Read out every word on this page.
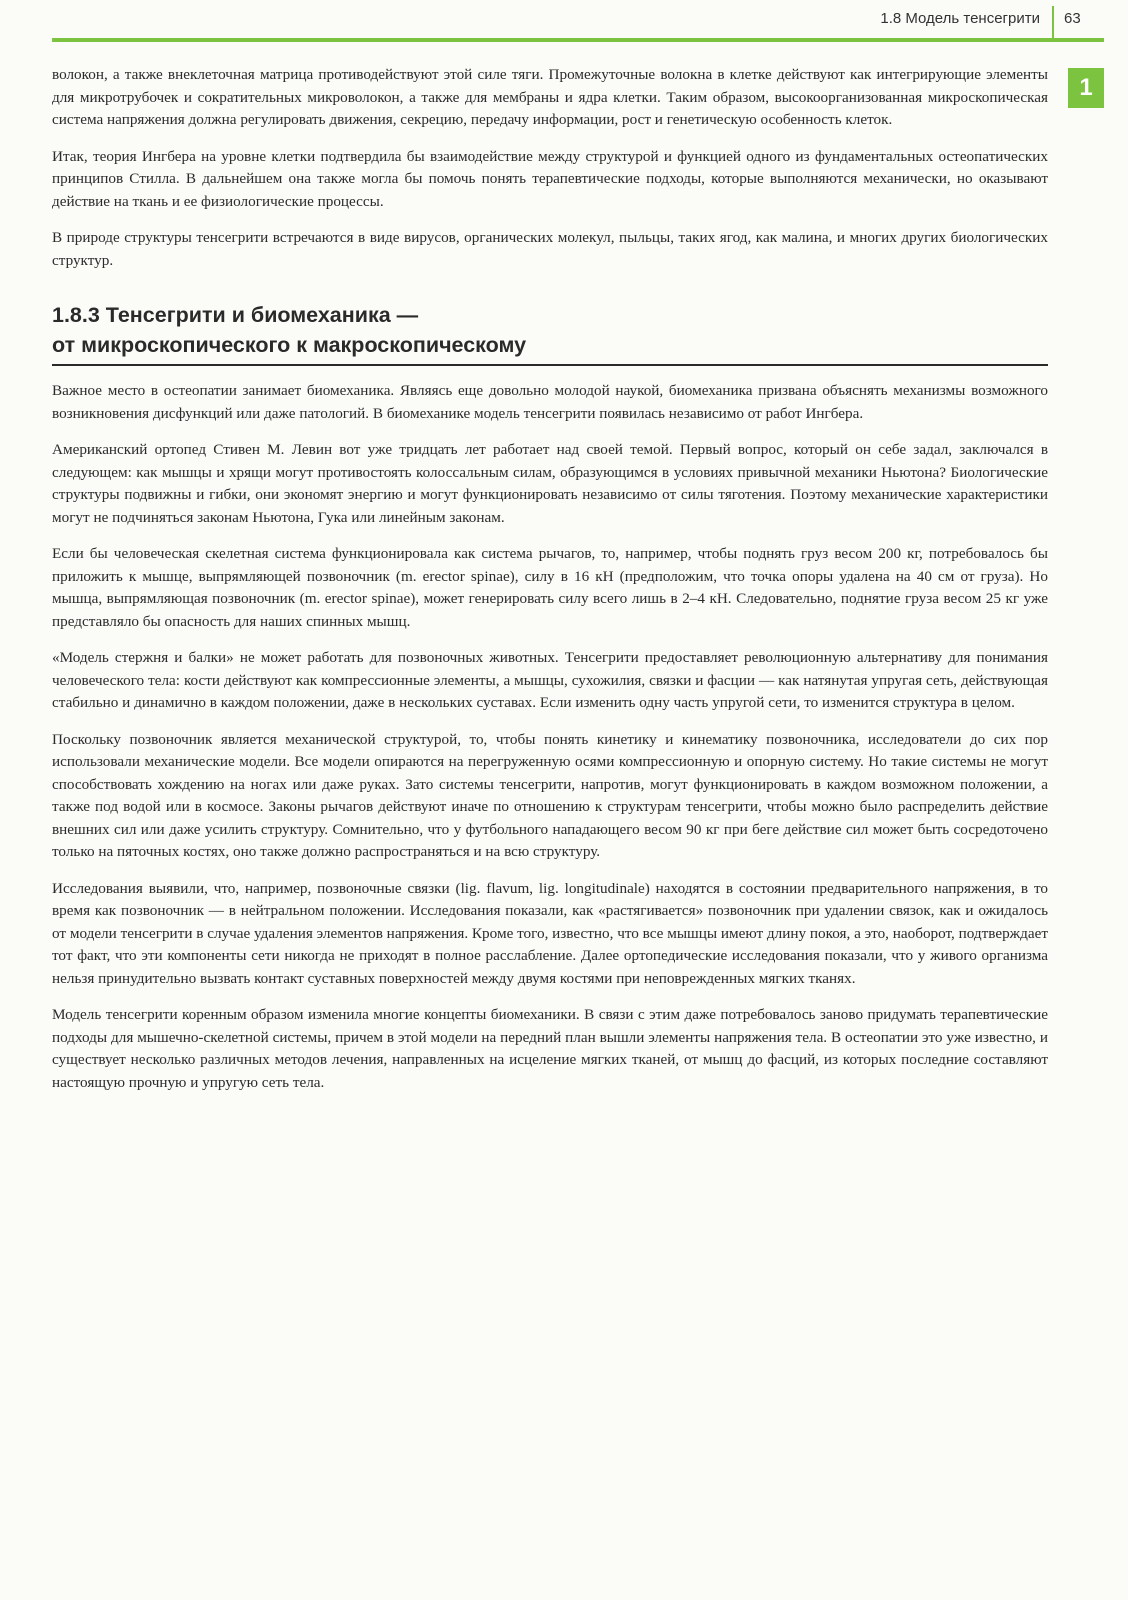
1.8 Модель тенсегрити 63
1

волокон, а также внеклеточная матрица противодействуют этой силе тяги. Промежуточные волокна в клетке действуют как интегрирующие элементы для микротрубочек и сократительных микроволокон, а также для мембраны и ядра клетки. Таким образом, высокоорганизованная микроскопическая система напряжения должна регулировать движения, секрецию, передачу информации, рост и генетическую особенность клеток.

Итак, теория Ингбера на уровне клетки подтвердила бы взаимодействие между структурой и функцией одного из фундаментальных остеопатических принципов Стилла. В дальнейшем она также могла бы помочь понять терапевтические подходы, которые выполняются механически, но оказывают действие на ткань и ее физиологические процессы.

В природе структуры тенсегрити встречаются в виде вирусов, органических молекул, пыльцы, таких ягод, как малина, и многих других биологических структур.

1.8.3 Тенсегрити и биомеханика —
от микроскопического к макроскопическому

Важное место в остеопатии занимает биомеханика. Являясь еще довольно молодой наукой, биомеханика призвана объяснять механизмы возможного возникновения дисфункций или даже патологий. В биомеханике модель тенсегрити появилась независимо от работ Ингбера.

Американский ортопед Стивен М. Левин вот уже тридцать лет работает над своей темой. Первый вопрос, который он себе задал, заключался в следующем: как мышцы и хрящи могут противостоять колоссальным силам, образующимся в условиях привычной механики Ньютона? Биологические структуры подвижны и гибки, они экономят энергию и могут функционировать независимо от силы тяготения. Поэтому механические характеристики могут не подчиняться законам Ньютона, Гука или линейным законам.

Если бы человеческая скелетная система функционировала как система рычагов, то, например, чтобы поднять груз весом 200 кг, потребовалось бы приложить к мышце, выпрямляющей позвоночник (m. erector spinae), силу в 16 кН (предположим, что точка опоры удалена на 40 см от груза). Но мышца, выпрямляющая позвоночник (m. erector spinae), может генерировать силу всего лишь в 2–4 кН. Следовательно, поднятие груза весом 25 кг уже представляло бы опасность для наших спинных мышц.

«Модель стержня и балки» не может работать для позвоночных животных. Тенсегрити предоставляет революционную альтернативу для понимания человеческого тела: кости действуют как компрессионные элементы, а мышцы, сухожилия, связки и фасции — как натянутая упругая сеть, действующая стабильно и динамично в каждом положении, даже в нескольких суставах. Если изменить одну часть упругой сети, то изменится структура в целом.

Поскольку позвоночник является механической структурой, то, чтобы понять кинетику и кинематику позвоночника, исследователи до сих пор использовали механические модели. Все модели опираются на перегруженную осями компрессионную и опорную систему. Но такие системы не могут способствовать хождению на ногах или даже руках. Зато системы тенсегрити, напротив, могут функционировать в каждом возможном положении, а также под водой или в космосе. Законы рычагов действуют иначе по отношению к структурам тенсегрити, чтобы можно было распределить действие внешних сил или даже усилить структуру. Сомнительно, что у футбольного нападающего весом 90 кг при беге действие сил может быть сосредоточено только на пяточных костях, оно также должно распространяться и на всю структуру.

Исследования выявили, что, например, позвоночные связки (lig. flavum, lig. longitudinale) находятся в состоянии предварительного напряжения, в то время как позвоночник — в нейтральном положении. Исследования показали, как «растягивается» позвоночник при удалении связок, как и ожидалось от модели тенсегрити в случае удаления элементов напряжения. Кроме того, известно, что все мышцы имеют длину покоя, а это, наоборот, подтверждает тот факт, что эти компоненты сети никогда не приходят в полное расслабление. Далее ортопедические исследования показали, что у живого организма нельзя принудительно вызвать контакт суставных поверхностей между двумя костями при неповрежденных мягких тканях.

Модель тенсегрити коренным образом изменила многие концепты биомеханики. В связи с этим даже потребовалось заново придумать терапевтические подходы для мышечно-скелетной системы, причем в этой модели на передний план вышли элементы напряжения тела. В остеопатии это уже известно, и существует несколько различных методов лечения, направленных на исцеление мягких тканей, от мышц до фасций, из которых последние составляют настоящую прочную и упругую сеть тела.
